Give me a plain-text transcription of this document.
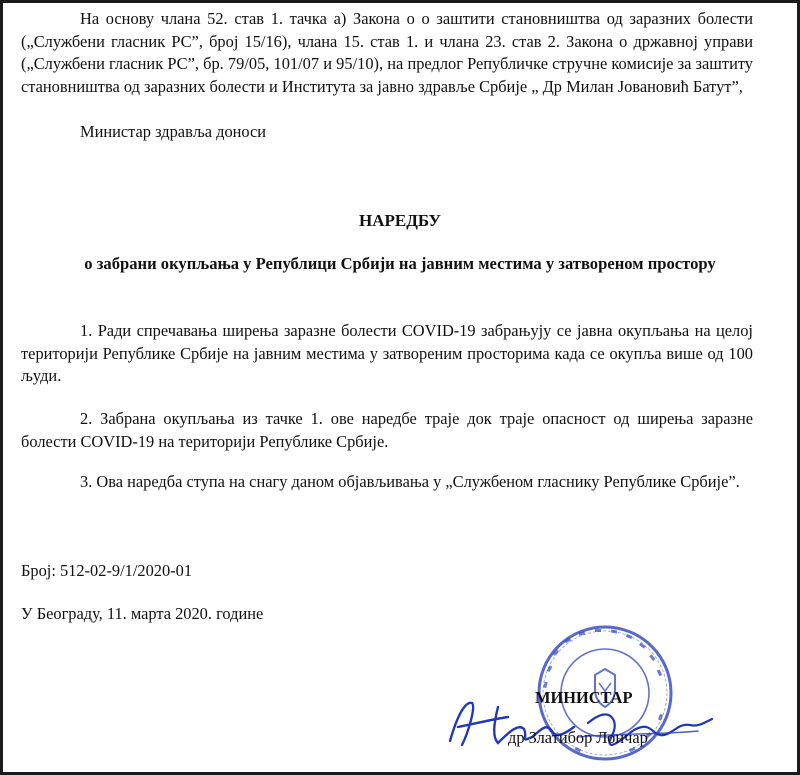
На основу члана 52. став 1. тачка а) Закона о о заштити становништва од заразних болести („Службени гласник РС”, број 15/16), члана 15. став 1. и члана 23. став 2. Закона о државној управи („Службени гласник РС”, бр. 79/05, 101/07 и 95/10), на предлог Републичке стручне комисије за заштиту становништва од заразних болести и Института за јавно здравље Србије „ Др Милан Јовановић Батут”,

Министар здравља доноси

НАРЕДБУ

о забрани окупљања у Републици Србији на јавним местима у затвореном простору

1. Ради спречавања ширења заразне болести COVID-19 забрањују се јавна окупљања на целој територији Републике Србије на јавним местима у затвореним просторима када се окупља више од 100 људи.

2. Забрана окупљања из тачке 1. ове наредбе траје док траје опасност од ширења заразне болести COVID-19 на територији Републике Србије.

3. Ова наредба ступа на снагу даном објављивања у „Службеном гласнику Републике Србије”.

Број: 512-02-9/1/2020-01

У Београду, 11. марта 2020. године

МИНИСТАР

др Златибор Лончар
